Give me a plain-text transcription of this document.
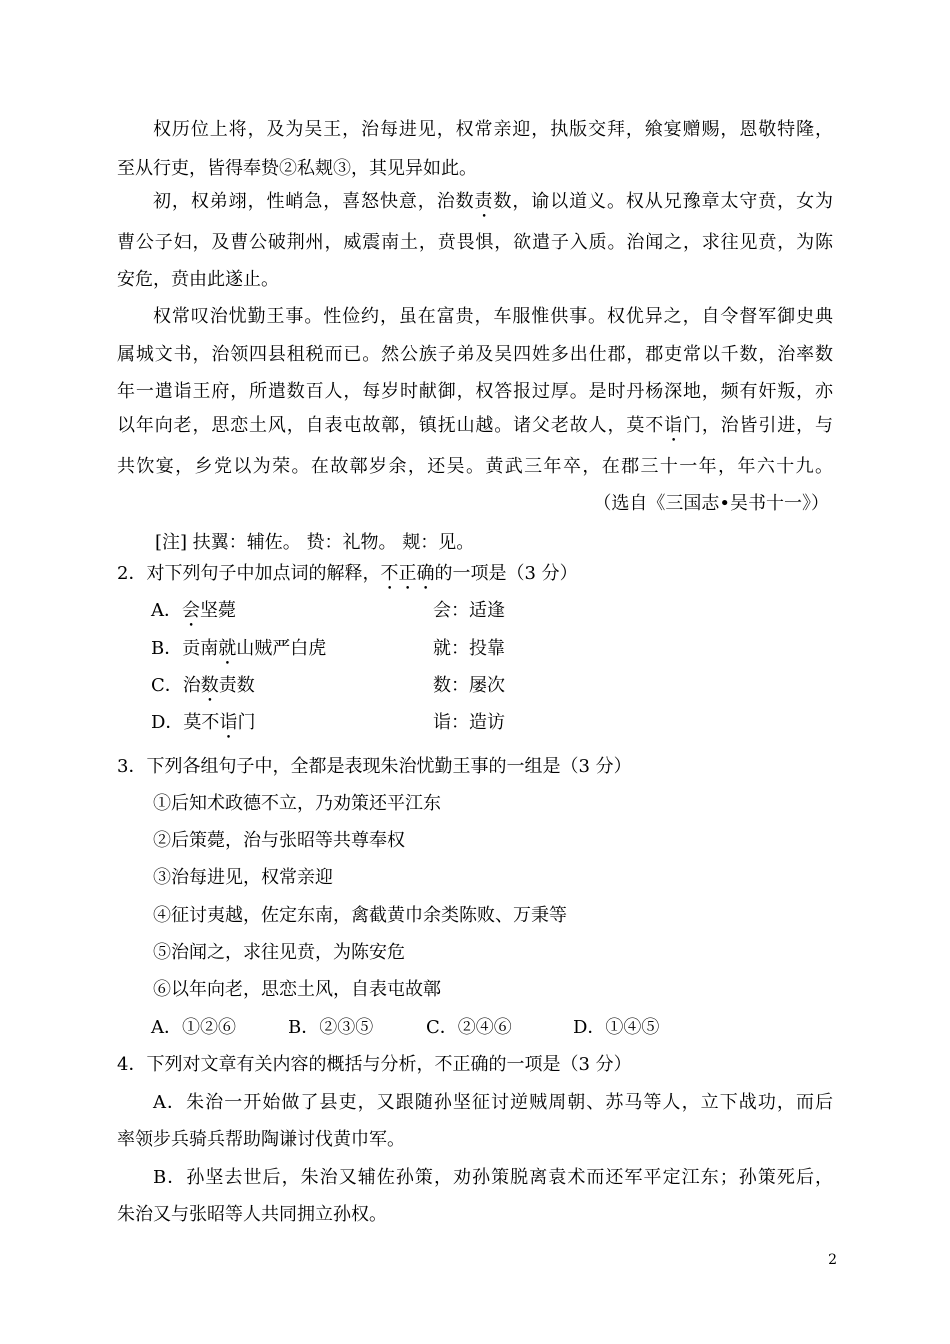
权历位上将，及为吴王，治每进见，权常亲迎，执版交拜，飨宴赠赐，恩敬特隆，
至从行吏，皆得奉贽②私觌③，其见异如此。
初，权弟翊，性峭急，喜怒快意，治数责数，谕以道义。权从兄豫章太守贲，女为
曹公子妇，及曹公破荆州，威震南土，贲畏惧，欲遣子入质。治闻之，求往见贲，为陈
安危，贲由此遂止。
权常叹治忧勤王事。性俭约，虽在富贵，车服惟供事。权优异之，自令督军御史典
属城文书，治领四县租税而已。然公族子弟及吴四姓多出仕郡，郡吏常以千数，治率数
年一遣诣王府，所遣数百人，每岁时献御，权答报过厚。是时丹杨深地，频有奸叛，亦
以年向老，思恋土风，自表屯故鄣，镇抚山越。诸父老故人，莫不诣门，治皆引进，与
共饮宴，乡党以为荣。在故鄣岁余，还吴。黄武三年卒，在郡三十一年，年六十九。
（选自《三国志•吴书十一》）
[注] 扶翼：辅佐。 贽：礼物。 觌：见。
2．对下列句子中加点词的解释，不正确的一项是（3 分）
A．会坚薨	会：适逢
B．贡南就山贼严白虎	就：投靠
C．治数责数	数：屡次
D．莫不诣门	诣：造访
3．下列各组句子中，全都是表现朱治忧勤王事的一组是（3 分）
①后知术政德不立，乃劝策还平江东
②后策薨，治与张昭等共尊奉权
③治每进见，权常亲迎
④征讨夷越，佐定东南，禽截黄巾余类陈败、万秉等
⑤治闻之，求往见贲，为陈安危
⑥以年向老，思恋土风，自表屯故鄣
A．①②⑥	B．②③⑤	C．②④⑥	D．①④⑤
4．下列对文章有关内容的概括与分析，不正确的一项是（3 分）
A．朱治一开始做了县吏，又跟随孙坚征讨逆贼周朝、苏马等人，立下战功，而后
率领步兵骑兵帮助陶谦讨伐黄巾军。
B．孙坚去世后，朱治又辅佐孙策，劝孙策脱离袁术而还军平定江东；孙策死后，
朱治又与张昭等人共同拥立孙权。
2
